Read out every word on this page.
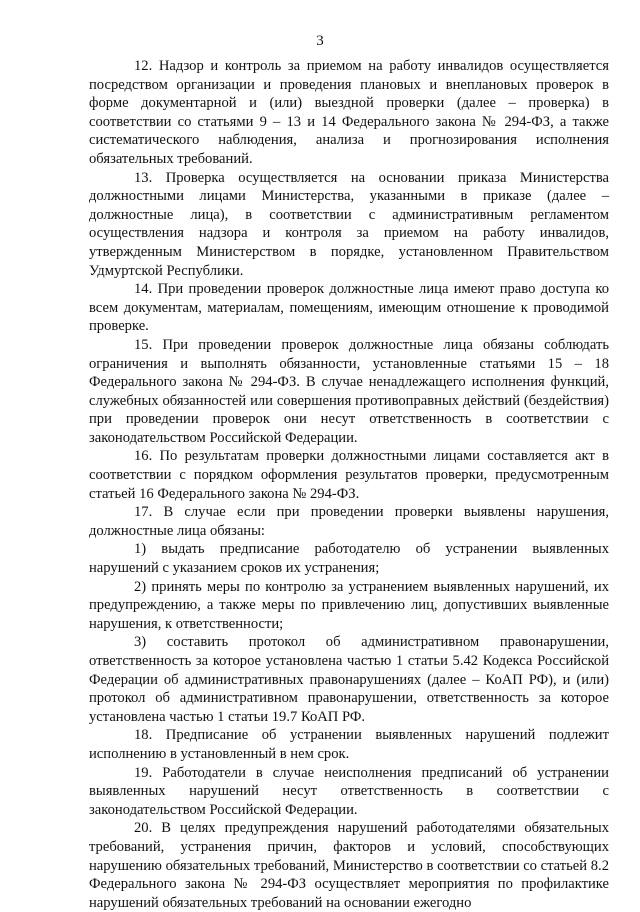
3

12. Надзор и контроль за приемом на работу инвалидов осуществляется посредством организации и проведения плановых и внеплановых проверок в форме документарной и (или) выездной проверки (далее – проверка) в соответствии со статьями 9 – 13 и 14 Федерального закона № 294-ФЗ, а также систематического наблюдения, анализа и прогнозирования исполнения обязательных требований.

13. Проверка осуществляется на основании приказа Министерства должностными лицами Министерства, указанными в приказе (далее – должностные лица), в соответствии с административным регламентом осуществления надзора и контроля за приемом на работу инвалидов, утвержденным Министерством в порядке, установленном Правительством Удмуртской Республики.

14. При проведении проверок должностные лица имеют право доступа ко всем документам, материалам, помещениям, имеющим отношение к проводимой проверке.

15. При проведении проверок должностные лица обязаны соблюдать ограничения и выполнять обязанности, установленные статьями 15 – 18 Федерального закона № 294-ФЗ. В случае ненадлежащего исполнения функций, служебных обязанностей или совершения противоправных действий (бездействия) при проведении проверок они несут ответственность в соответствии с законодательством Российской Федерации.

16. По результатам проверки должностными лицами составляется акт в соответствии с порядком оформления результатов проверки, предусмотренным статьей 16 Федерального закона № 294-ФЗ.

17. В случае если при проведении проверки выявлены нарушения, должностные лица обязаны:

1) выдать предписание работодателю об устранении выявленных нарушений с указанием сроков их устранения;

2) принять меры по контролю за устранением выявленных нарушений, их предупреждению, а также меры по привлечению лиц, допустивших выявленные нарушения, к ответственности;

3) составить протокол об административном правонарушении, ответственность за которое установлена частью 1 статьи 5.42 Кодекса Российской Федерации об административных правонарушениях (далее – КоАП РФ), и (или) протокол об административном правонарушении, ответственность за которое установлена частью 1 статьи 19.7 КоАП РФ.

18. Предписание об устранении выявленных нарушений подлежит исполнению в установленный в нем срок.

19. Работодатели в случае неисполнения предписаний об устранении выявленных нарушений несут ответственность в соответствии с законодательством Российской Федерации.

20. В целях предупреждения нарушений работодателями обязательных требований, устранения причин, факторов и условий, способствующих нарушению обязательных требований, Министерство в соответствии со статьей 8.2 Федерального закона № 294-ФЗ осуществляет мероприятия по профилактике нарушений обязательных требований на основании ежегодно
